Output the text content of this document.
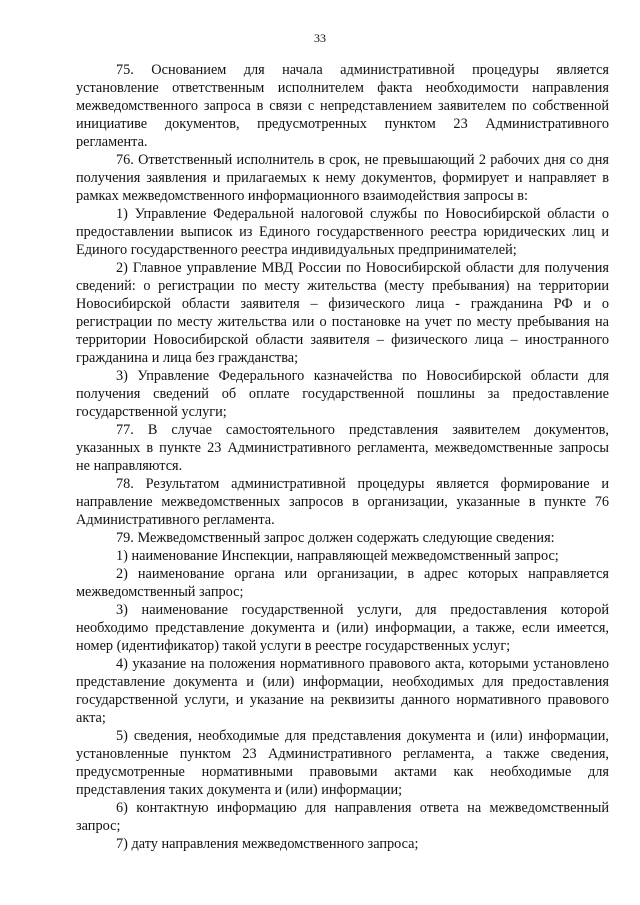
33

75. Основанием для начала административной процедуры является установление ответственным исполнителем факта необходимости направления межведомственного запроса в связи с непредставлением заявителем по собственной инициативе документов, предусмотренных пунктом 23 Административного регламента.

76. Ответственный исполнитель в срок, не превышающий 2 рабочих дня со дня получения заявления и прилагаемых к нему документов, формирует и направляет в рамках межведомственного информационного взаимодействия запросы в:

1) Управление Федеральной налоговой службы по Новосибирской области о предоставлении выписок из Единого государственного реестра юридических лиц и Единого государственного реестра индивидуальных предпринимателей;

2) Главное управление МВД России по Новосибирской области для получения сведений: о регистрации по месту жительства (месту пребывания) на территории Новосибирской области заявителя – физического лица - гражданина РФ и о регистрации по месту жительства или о постановке на учет по месту пребывания на территории Новосибирской области заявителя – физического лица – иностранного гражданина и лица без гражданства;

3) Управление Федерального казначейства по Новосибирской области для получения сведений об оплате государственной пошлины за предоставление государственной услуги;

77. В случае самостоятельного представления заявителем документов, указанных в пункте 23 Административного регламента, межведомственные запросы не направляются.

78. Результатом административной процедуры является формирование и направление межведомственных запросов в организации, указанные в пункте 76 Административного регламента.

79. Межведомственный запрос должен содержать следующие сведения:

1) наименование Инспекции, направляющей межведомственный запрос;

2) наименование органа или организации, в адрес которых направляется межведомственный запрос;

3) наименование государственной услуги, для предоставления которой необходимо представление документа и (или) информации, а также, если имеется, номер (идентификатор) такой услуги в реестре государственных услуг;

4) указание на положения нормативного правового акта, которыми установлено представление документа и (или) информации, необходимых для предоставления государственной услуги, и указание на реквизиты данного нормативного правового акта;

5) сведения, необходимые для представления документа и (или) информации, установленные пунктом 23 Административного регламента, а также сведения, предусмотренные нормативными правовыми актами как необходимые для представления таких документа и (или) информации;

6) контактную информацию для направления ответа на межведомственный запрос;

7) дату направления межведомственного запроса;
